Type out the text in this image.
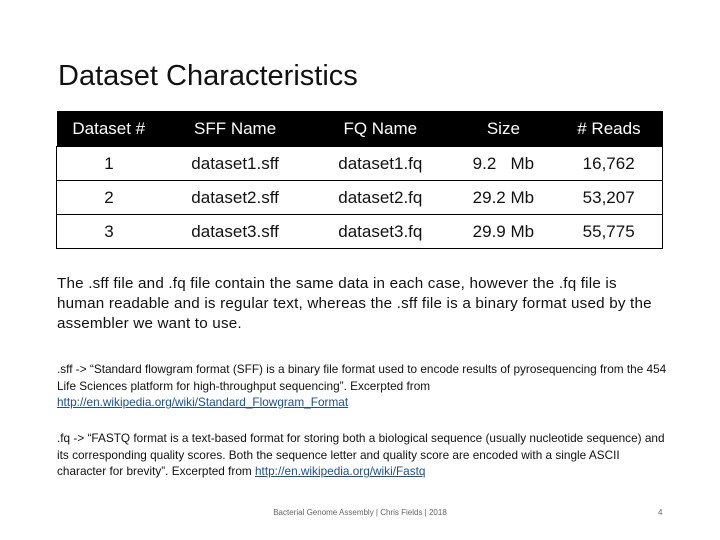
Dataset Characteristics
Dataset #	SFF Name	FQ Name	Size	# Reads
1	dataset1.sff	dataset1.fq	9.2   Mb	16,762
2	dataset2.sff	dataset2.fq	29.2 Mb	53,207
3	dataset3.sff	dataset3.fq	29.9 Mb	55,775
The .sff file and .fq file contain the same data in each case, however the .fq file is human readable and is regular text, whereas the .sff file is a binary format used by the assembler we want to use.
.sff -> “Standard flowgram format (SFF) is a binary file format used to encode results of pyrosequencing from the 454 Life Sciences platform for high-throughput sequencing”. Excerpted from http://en.wikipedia.org/wiki/Standard_Flowgram_Format
.fq -> “FASTQ format is a text-based format for storing both a biological sequence (usually nucleotide sequence) and its corresponding quality scores. Both the sequence letter and quality score are encoded with a single ASCII character for brevity”. Excerpted from http://en.wikipedia.org/wiki/Fastq
Bacterial Genome Assembly | Chris Fields | 2018	4
